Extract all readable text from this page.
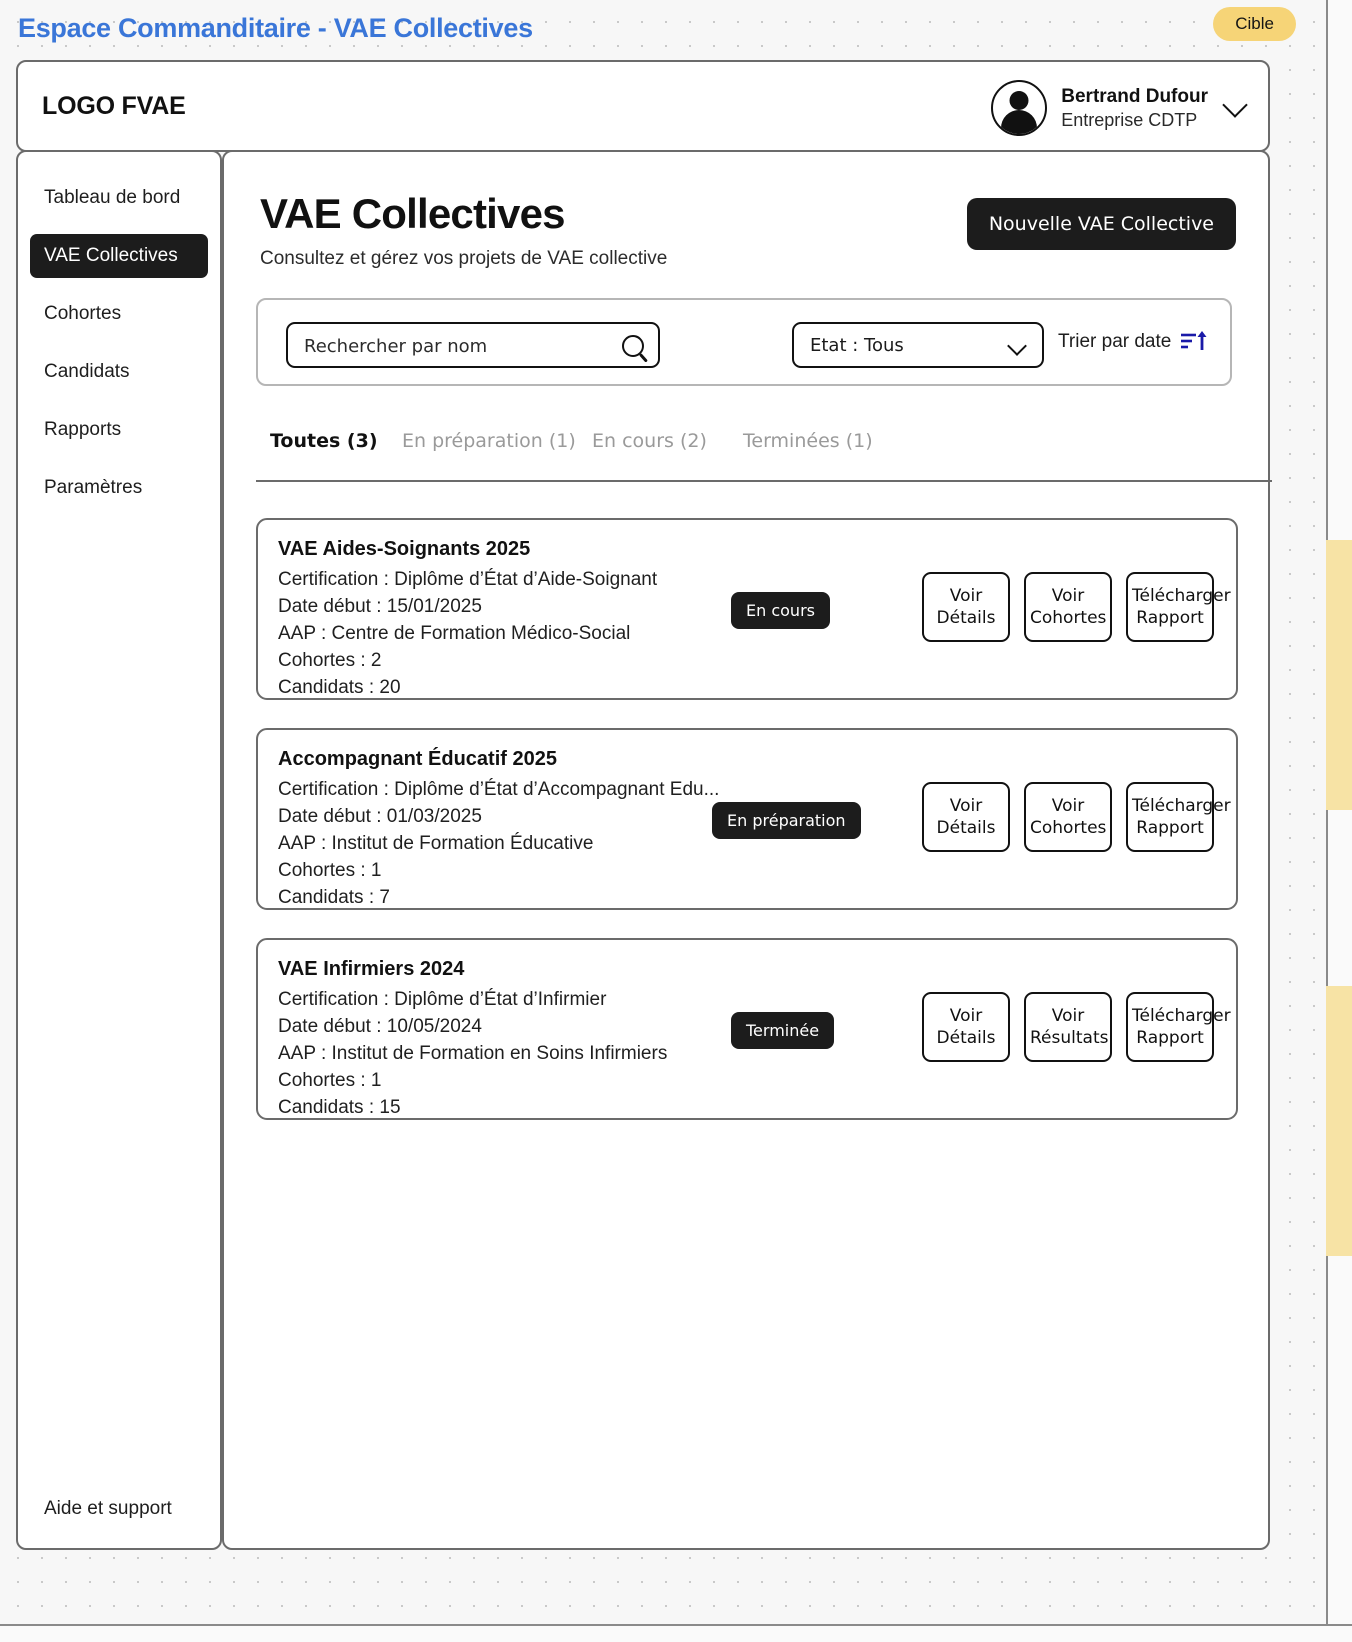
Espace Commanditaire - VAE Collectives	Cible
LOGO FVAE	Bertrand Dufour
Entreprise CDTP
Tableau de bord
VAE Collectives
Cohortes
Candidats
Rapports
Paramètres
Aide et support
VAE Collectives
Consultez et gérez vos projets de VAE collective
Nouvelle VAE Collective
Rechercher par nom
Etat : Tous	Trier par date
Toutes (3) En préparation (1) En cours (2) Terminées (1)
VAE Aides-Soignants 2025
Certification : Diplôme d’État d’Aide-Soignant
Date début : 15/01/2025
AAP : Centre de Formation Médico-Social
Cohortes : 2
Candidats : 20
En cours
Voir
Détails
Voir
Cohortes
Télécharger
Rapport
Accompagnant Éducatif 2025
Certification : Diplôme d’État d’Accompagnant Edu...
Date début : 01/03/2025
AAP : Institut de Formation Éducative
Cohortes : 1
Candidats : 7
En préparation
Voir
Détails
Voir
Cohortes
Télécharger
Rapport
VAE Infirmiers 2024
Certification : Diplôme d’État d’Infirmier
Date début : 10/05/2024
AAP : Institut de Formation en Soins Infirmiers
Cohortes : 1
Candidats : 15
Terminée
Voir
Détails
Voir
Résultats
Télécharger
Rapport
